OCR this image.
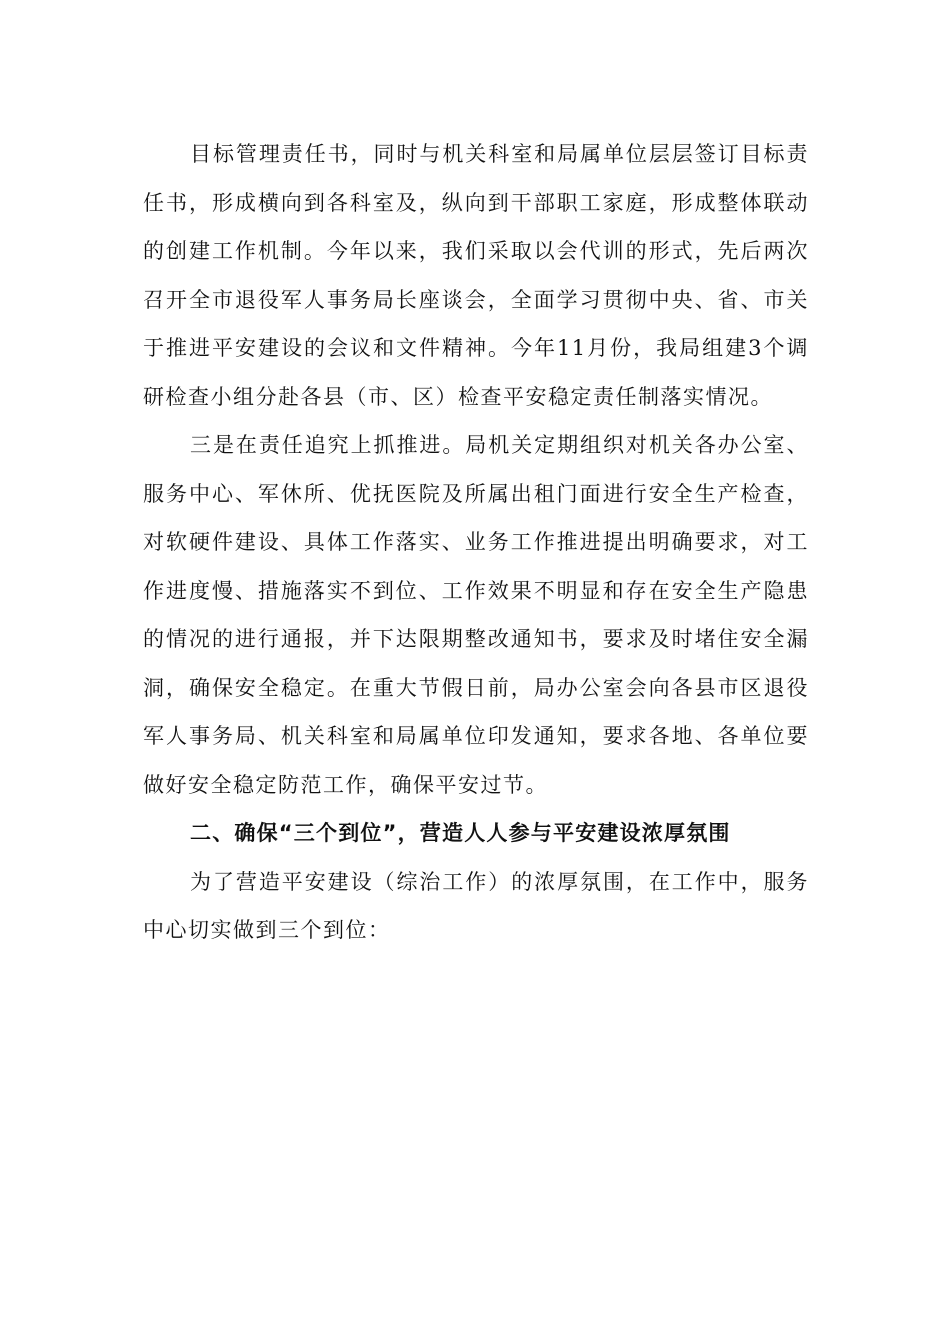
目标管理责任书，同时与机关科室和局属单位层层签订目标责任书，形成横向到各科室及，纵向到干部职工家庭，形成整体联动的创建工作机制。今年以来，我们采取以会代训的形式，先后两次召开全市退役军人事务局长座谈会，全面学习贯彻中央、省、市关于推进平安建设的会议和文件精神。今年11月份，我局组建3个调研检查小组分赴各县（市、区）检查平安稳定责任制落实情况。

三是在责任追究上抓推进。局机关定期组织对机关各办公室、服务中心、军休所、优抚医院及所属出租门面进行安全生产检查，对软硬件建设、具体工作落实、业务工作推进提出明确要求，对工作进度慢、措施落实不到位、工作效果不明显和存在安全生产隐患的情况的进行通报，并下达限期整改通知书，要求及时堵住安全漏洞，确保安全稳定。在重大节假日前，局办公室会向各县市区退役军人事务局、机关科室和局属单位印发通知，要求各地、各单位要做好安全稳定防范工作，确保平安过节。

二、确保“三个到位”，营造人人参与平安建设浓厚氛围

为了营造平安建设（综治工作）的浓厚氛围，在工作中，服务中心切实做到三个到位：
